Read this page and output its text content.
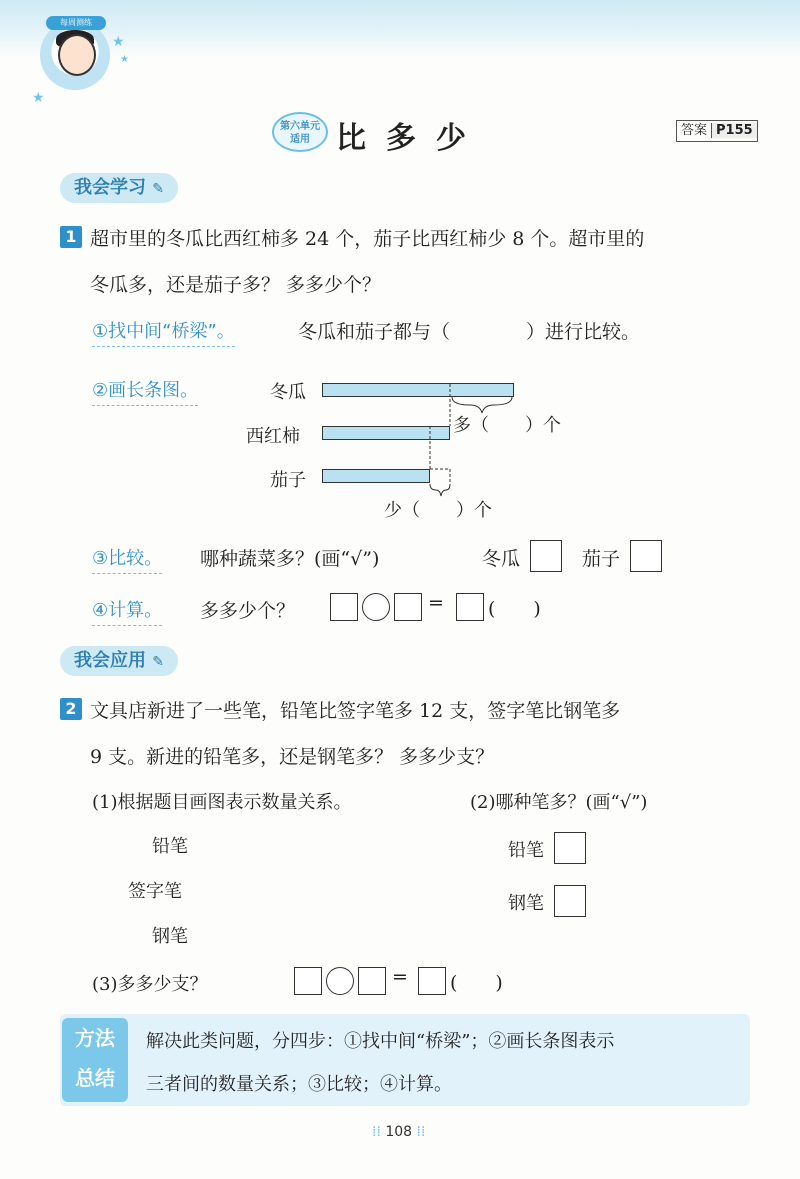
每周测练
★
★
★
第六单元
适用 比多少	答案 P155
我会学习 ✎
1 超市里的冬瓜比西红柿多 24 个，茄子比西红柿少 8 个。超市里的
冬瓜多，还是茄子多？ 多多少个？
①找中间“桥梁”。	冬瓜和茄子都与（　　　　）进行比较。
②画长条图。	冬瓜
西红柿
茄子
多（　　）个
少（　　）个
③比较。 哪种蔬菜多？(画“√”)	冬瓜	茄子
④计算。 多多少个？	= (　　)
我会应用 ✎
2 文具店新进了一些笔，铅笔比签字笔多 12 支，签字笔比钢笔多
9 支。新进的铅笔多，还是钢笔多？ 多多少支？
(1)根据题目画图表示数量关系。	(2)哪种笔多？(画“√”)
铅笔
签字笔
钢笔
铅笔
钢笔
(3)多多少支？	= (　　)
方法
总结
解决此类问题，分四步：①找中间“桥梁”；②画长条图表示
三者间的数量关系；③比较；④计算。
⁞⁞ 108 ⁞⁞
